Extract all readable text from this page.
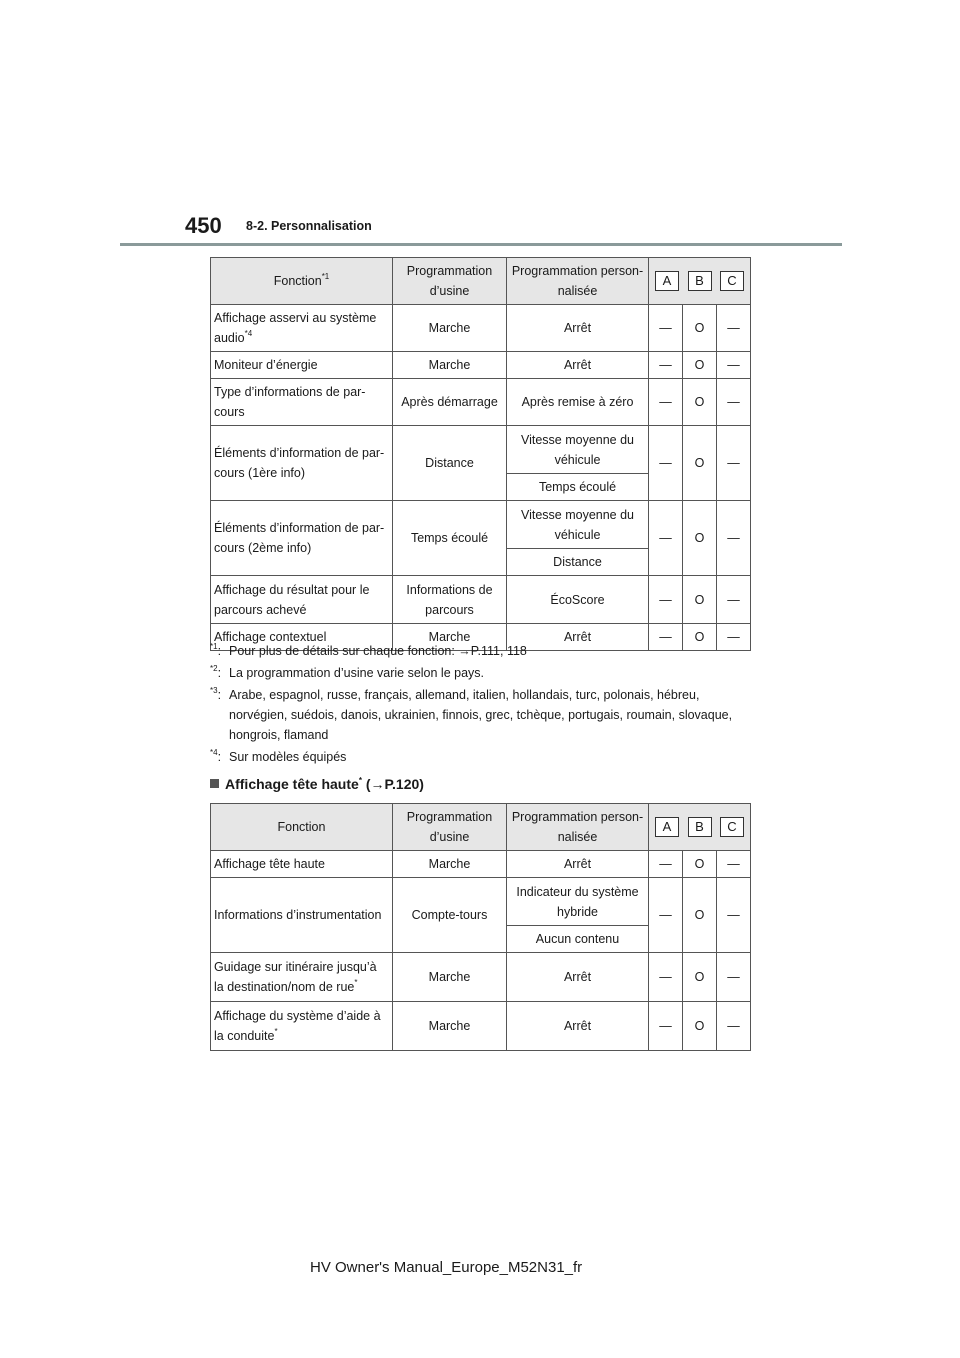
450 8-2. Personnalisation
Fonction$^{*1}$	Programmation d’usine	Programmation person- nalisée	A B C		

Affichage asservi au système audio$^{*4}$	Marche	Arrêt	—	O	—
Moniteur d’énergie	Marche	Arrêt	—	O	—
Type d’informations de par- cours	Après démarrage	Après remise à zéro	—	O	—
Éléments d’information de par- cours (1ère info)	Distance	Vitesse moyenne du véhicule	—	O	—
		Temps écoulé			
Éléments d’information de par- cours (2ème info)	Temps écoulé	Vitesse moyenne du véhicule	—	O	—
		Distance			
Affichage du résultat pour le parcours achevé	Informations de parcours	ÉcoScore	—	O	—
Affichage contextuel	Marche	Arrêt	—	O	—
$^{*1}$: Pour plus de détails sur chaque fonction: →P.111, 118
$^{*2}$: La programmation d’usine varie selon le pays.
$^{*3}$: Arabe, espagnol, russe, français, allemand, italien, hollandais, turc, polonais, hébreu, norvégien, suédois, danois, ukrainien, finnois, grec, tchèque, portugais, roumain, slovaque, hongrois, flamand
$^{*4}$: Sur modèles équipés
Affichage tête haute* (→P.120)
Fonction	Programmation d’usine	Programmation person- nalisée	A B C		

Affichage tête haute	Marche	Arrêt	—	O	—
Informations d’instrumentation	Compte-tours	Indicateur du système hybride	—	O	—
		Aucun contenu			
Guidage sur itinéraire jusqu’à la destination/nom de rue*	Marche	Arrêt	—	O	—
Affichage du système d’aide à la conduite*	Marche	Arrêt	—	O	—
HV Owner's Manual_Europe_M52N31_fr
